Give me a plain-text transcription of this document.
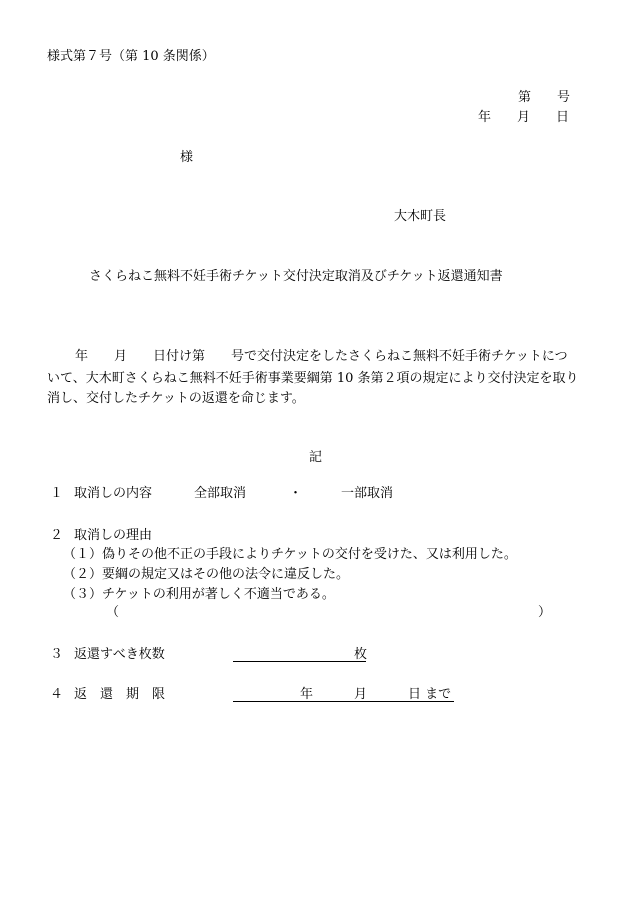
様式第７号（第 10 条関係）
第　　号
年　　月　　日
様
大木町長
さくらねこ無料不妊手術チケット交付決定取消及びチケット返還通知書
年　　月　　日付け第　　号で交付決定をしたさくらねこ無料不妊手術チケットにつ
いて、大木町さくらねこ無料不妊手術事業要綱第 10 条第２項の規定により交付決定を取り
消し、交付したチケットの返還を命じます。
記
１ 取消しの内容	全部取消	・	一部取消
２ 取消しの理由
（１）偽りその他不正の手段によりチケットの交付を受けた、又は利用した。
（２）要綱の規定又はその他の法令に違反した。
（３）チケットの利用が著しく不適当である。
（	）
３ 返還すべき枚数	枚
４ 返　還　期　限	年	月	日 まで
